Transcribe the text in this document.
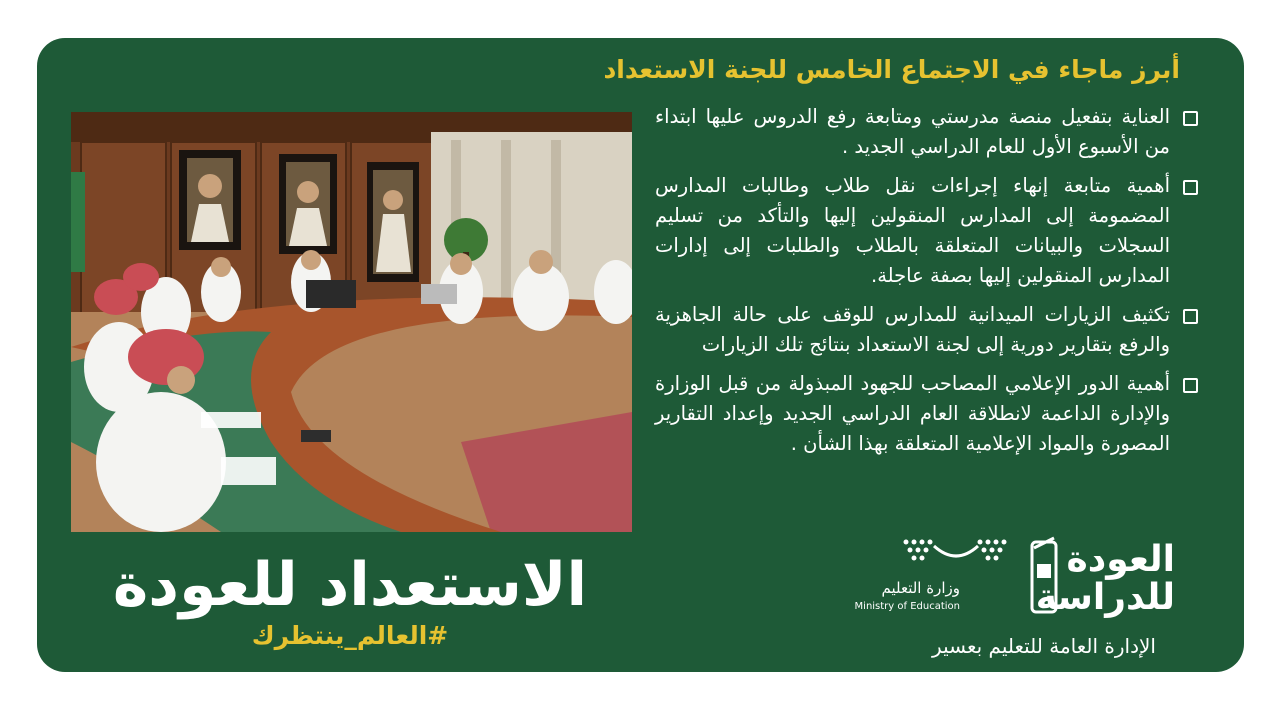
أبرز ماجاء في الاجتماع الخامس للجنة الاستعداد
العناية بتفعيل منصة مدرستي ومتابعة رفع الدروس عليها ابتداء من الأسبوع الأول للعام الدراسي الجديد .
أهمية متابعة إنهاء إجراءات نقل طلاب وطالبات المدارس المضمومة إلى المدارس المنقولين إليها والتأكد من تسليم السجلات والبيانات المتعلقة بالطلاب والطلبات إلى إدارات المدارس المنقولين إليها بصفة عاجلة.
تكثيف الزيارات الميدانية للمدارس للوقف على حالة الجاهزية والرفع بتقارير دورية إلى لجنة الاستعداد بنتائج تلك الزيارات
أهمية الدور الإعلامي المصاحب للجهود المبذولة من قبل الوزارة والإدارة الداعمة لانطلاقة العام الدراسي الجديد وإعداد التقارير المصورة والمواد الإعلامية المتعلقة بهذا الشأن .
الاستعداد للعودة
#العالم_ينتظرك
وزارة التعليم
Ministry of Education
العودة
للدراسة
الإدارة العامة للتعليم بعسير
